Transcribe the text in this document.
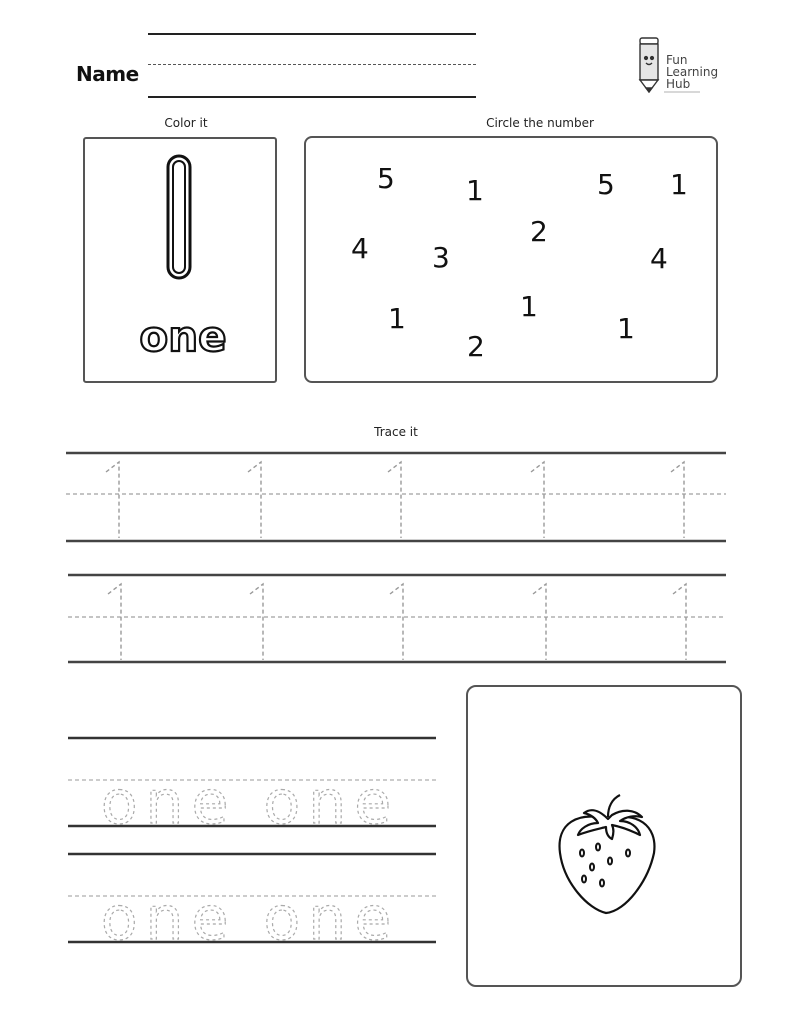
Name
Fun
Learning
Hub
Color it
one
Circle the number
5	1	5 1
2
4 3	4
1
1	1
2
Trace it
one one
one one
